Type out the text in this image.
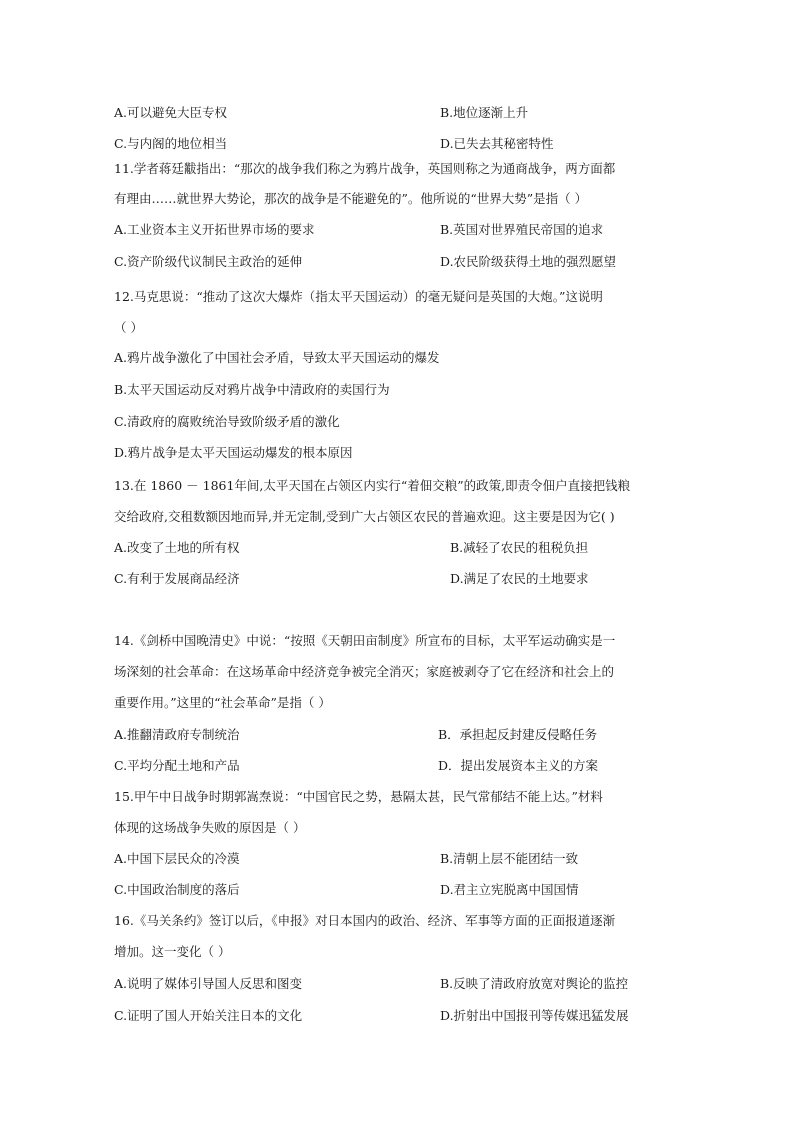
A.可以避免大臣专权	B.地位逐渐上升
C.与内阁的地位相当	D.已失去其秘密特性
11.学者蒋廷黻指出：“那次的战争我们称之为鸦片战争，英国则称之为通商战争，两方面都
有理由……就世界大势论，那次的战争是不能避免的”。他所说的“世界大势”是指（ ）
A.工业资本主义开拓世界市场的要求	B.英国对世界殖民帝国的追求
C.资产阶级代议制民主政治的延伸	D.农民阶级获得土地的强烈愿望
12.马克思说：“推动了这次大爆炸（指太平天国运动）的毫无疑问是英国的大炮。”这说明
（ ）
A.鸦片战争激化了中国社会矛盾，导致太平天国运动的爆发
B.太平天国运动反对鸦片战争中清政府的卖国行为
C.清政府的腐败统治导致阶级矛盾的激化
D.鸦片战争是太平天国运动爆发的根本原因
13.在 1860 － 1861年间,太平天国在占领区内实行“着佃交粮”的政策,即责令佃户直接把钱粮
交给政府,交租数额因地而异,并无定制,受到广大占领区农民的普遍欢迎。这主要是因为它( )
A.改变了土地的所有权	B.减轻了农民的租税负担
C.有利于发展商品经济	D.满足了农民的土地要求
14.《剑桥中国晚清史》中说：“按照《天朝田亩制度》所宣布的目标，太平军运动确实是一
场深刻的社会革命：在这场革命中经济竞争被完全消灭；家庭被剥夺了它在经济和社会上的
重要作用。”这里的“社会革命”是指（ ）
A.推翻清政府专制统治	B．承担起反封建反侵略任务
C.平均分配土地和产品	D．提出发展资本主义的方案
15.甲午中日战争时期郭嵩焘说：“中国官民之势，悬隔太甚，民气常郁结不能上达。”材料
体现的这场战争失败的原因是（ ）
A.中国下层民众的冷漠	B.清朝上层不能团结一致
C.中国政治制度的落后	D.君主立宪脱离中国国情
16.《马关条约》签订以后，《申报》对日本国内的政治、经济、军事等方面的正面报道逐渐
增加。这一变化（ ）
A.说明了媒体引导国人反思和图变	B.反映了清政府放宽对舆论的监控
C.证明了国人开始关注日本的文化	D.折射出中国报刊等传媒迅猛发展
